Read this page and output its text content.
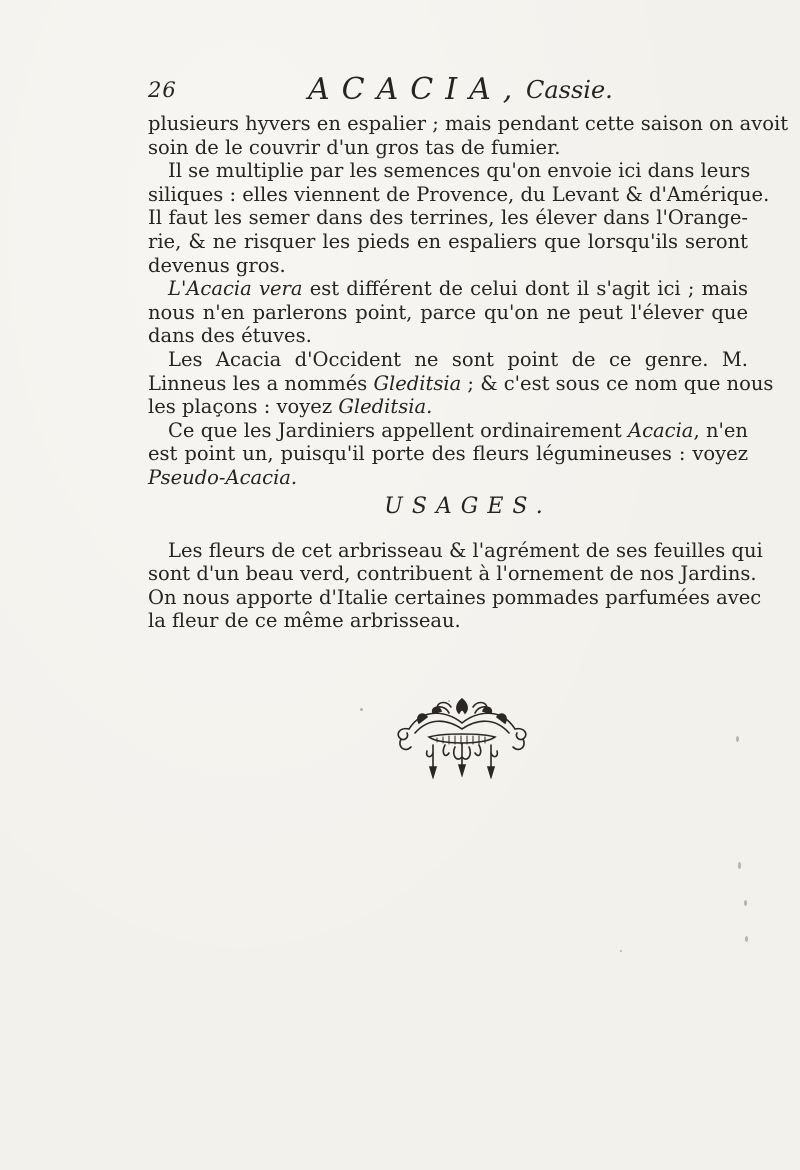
26	ACACIA, Cassie.
plusieurs hyvers en espalier ; mais pendant cette saison on avoit
soin de le couvrir d'un gros tas de fumier.
Il se multiplie par les semences qu'on envoie ici dans leurs
siliques : elles viennent de Provence, du Levant & d'Amérique.
Il faut les semer dans des terrines, les élever dans l'Orange-
rie, & ne risquer les pieds en espaliers que lorsqu'ils seront
devenus gros.
L'Acacia vera est différent de celui dont il s'agit ici ; mais
nous n'en parlerons point, parce qu'on ne peut l'élever que
dans des étuves.
Les Acacia d'Occident ne sont point de ce genre. M.
Linneus les a nommés Gleditsia ; & c'est sous ce nom que nous
les plaçons : voyez Gleditsia.
Ce que les Jardiniers appellent ordinairement Acacia, n'en
est point un, puisqu'il porte des fleurs légumineuses : voyez
Pseudo-Acacia.
USAGES.
Les fleurs de cet arbrisseau & l'agrément de ses feuilles qui
sont d'un beau verd, contribuent à l'ornement de nos Jardins.
On nous apporte d'Italie certaines pommades parfumées avec
la fleur de ce même arbrisseau.
